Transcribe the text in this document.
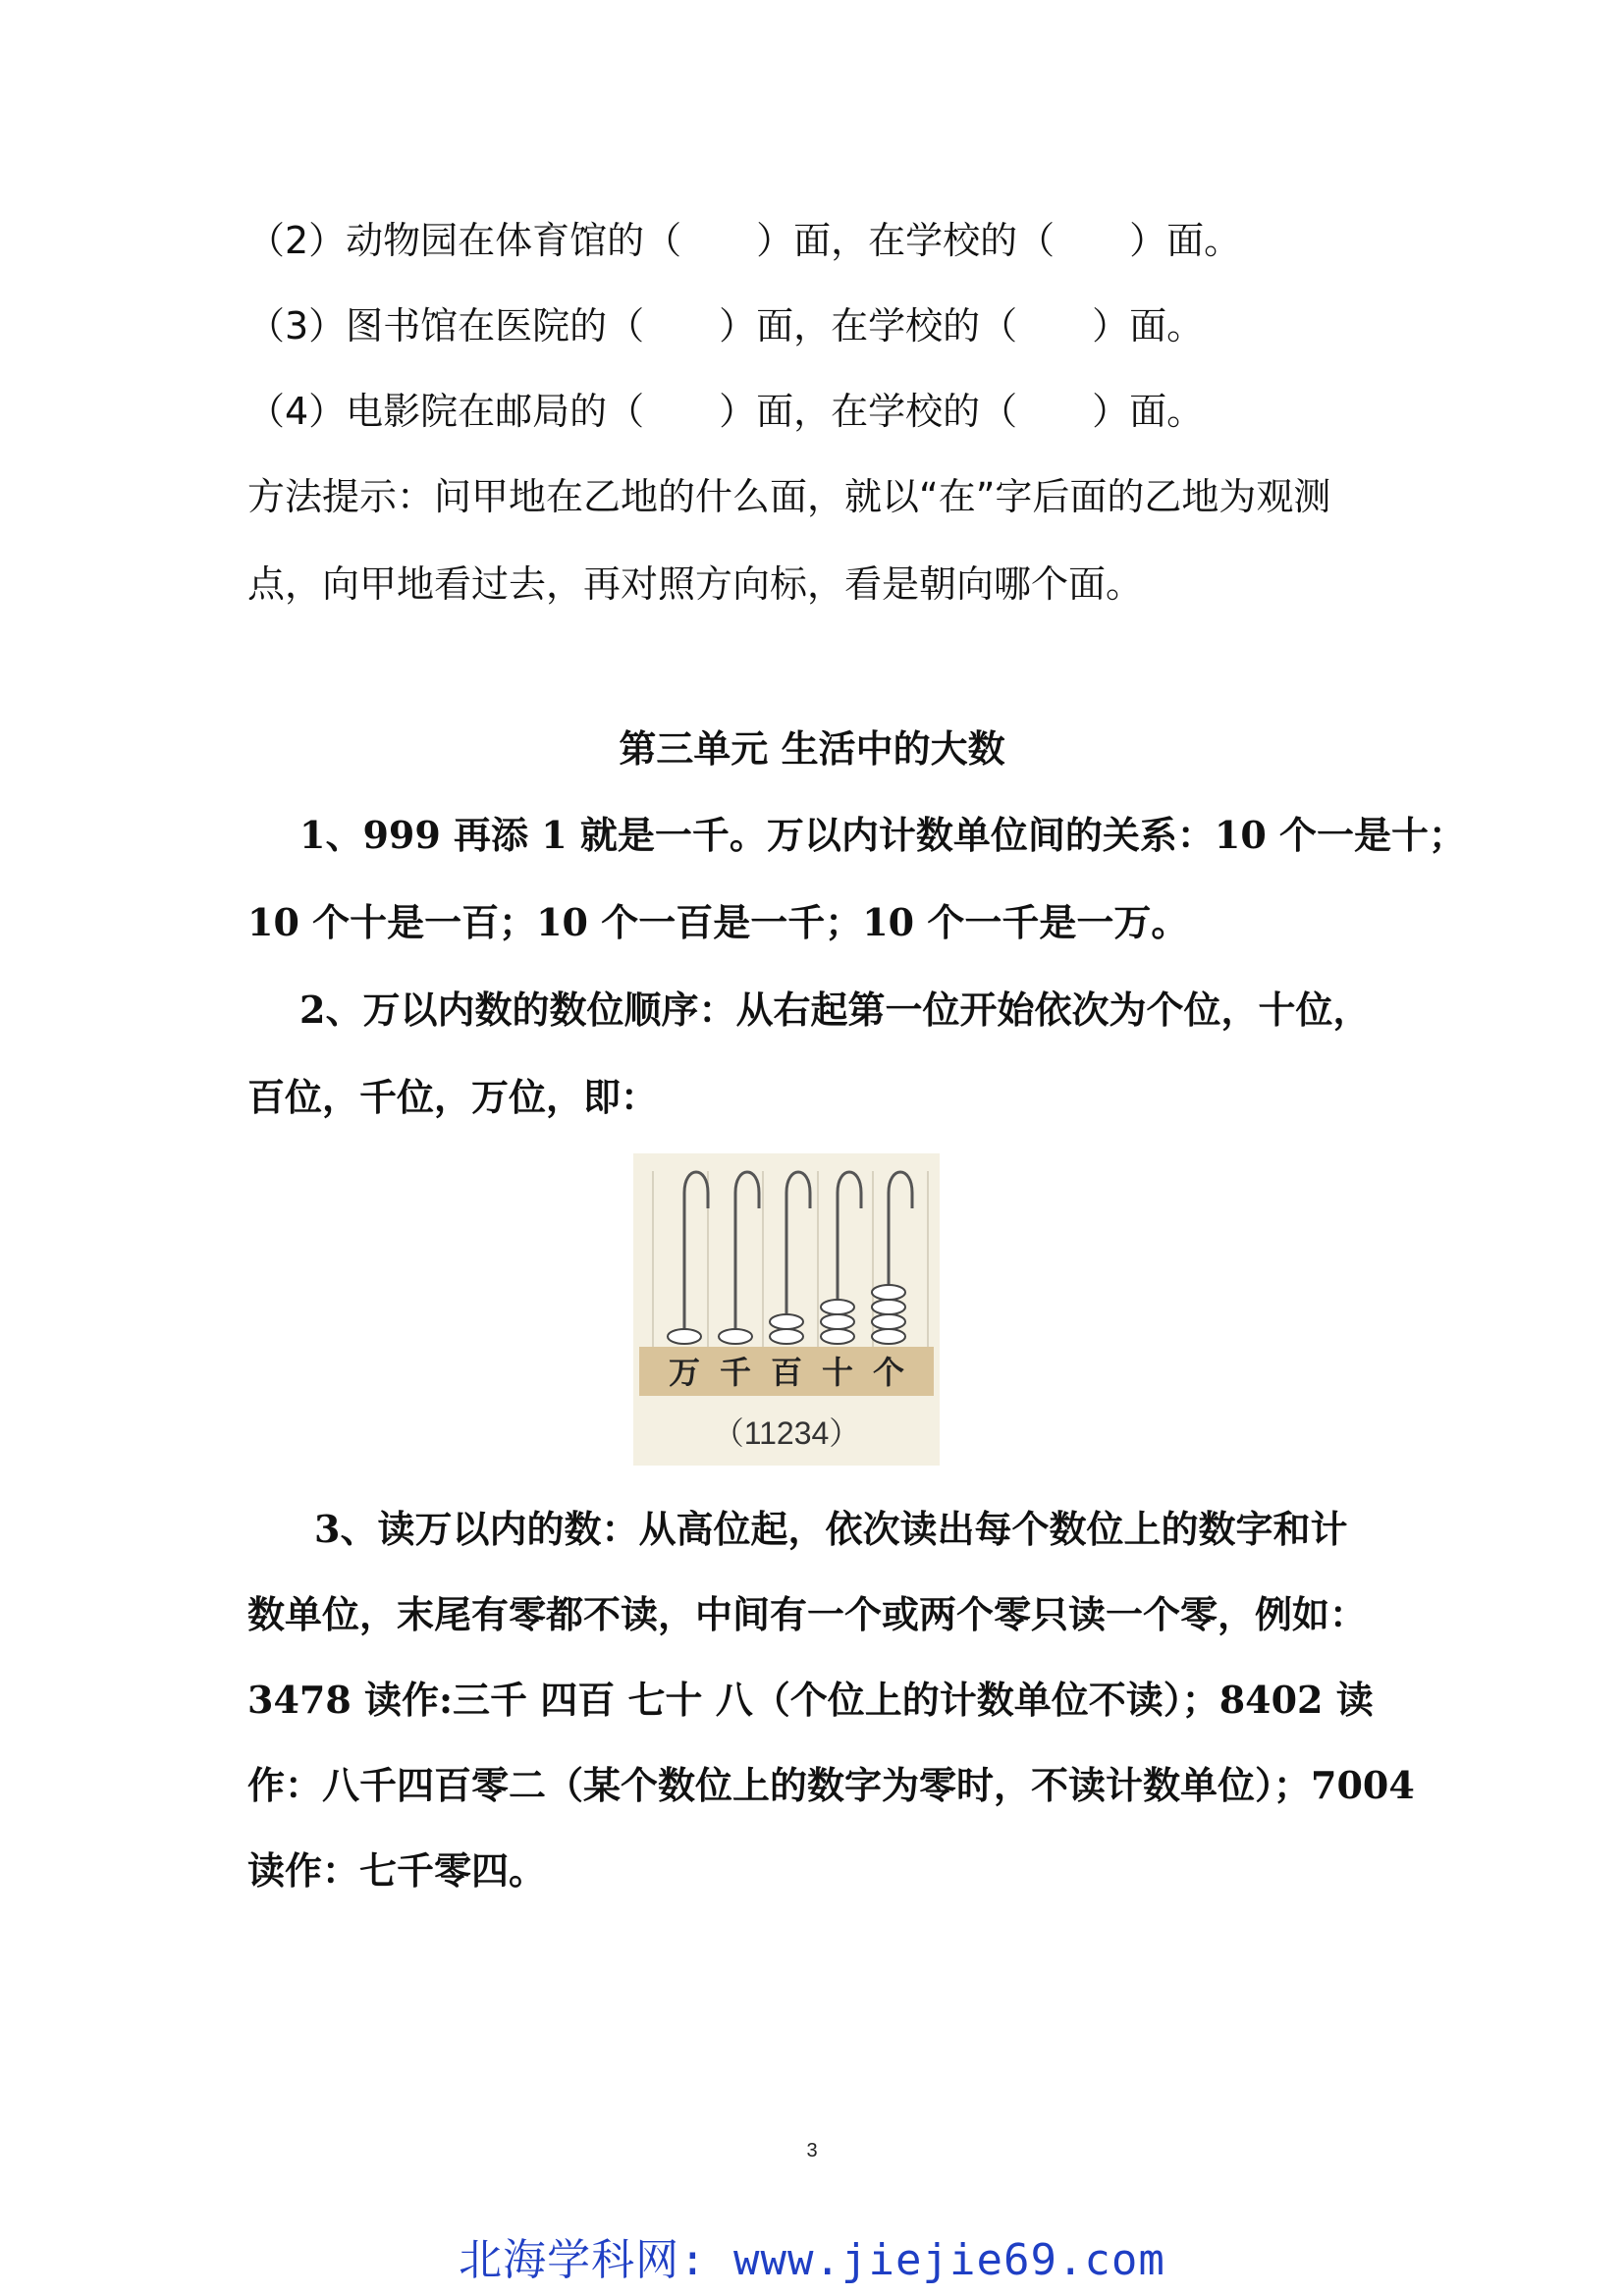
（2）动物园在体育馆的（　　）面，在学校的（　　）面。
（3）图书馆在医院的（　　）面，在学校的（　　）面。
（4）电影院在邮局的（　　）面，在学校的（　　）面。
方法提示：问甲地在乙地的什么面，就以“在”字后面的乙地为观测
点，向甲地看过去，再对照方向标，看是朝向哪个面。
第三单元 生活中的大数
1、999 再添 1 就是一千。万以内计数单位间的关系：10 个一是十；
10 个十是一百；10 个一百是一千；10 个一千是一万。
2、万以内数的数位顺序：从右起第一位开始依次为个位，十位，
百位，千位，万位，即：
万 千 百 十 个
（11234）
3、读万以内的数：从高位起，依次读出每个数位上的数字和计
数单位，末尾有零都不读，中间有一个或两个零只读一个零，例如：
3478 读作:三千 四百 七十 八（个位上的计数单位不读）；8402 读
作：八千四百零二（某个数位上的数字为零时，不读计数单位）；7004
读作：七千零四。
3
北海学科网: www.jiejie69.com
